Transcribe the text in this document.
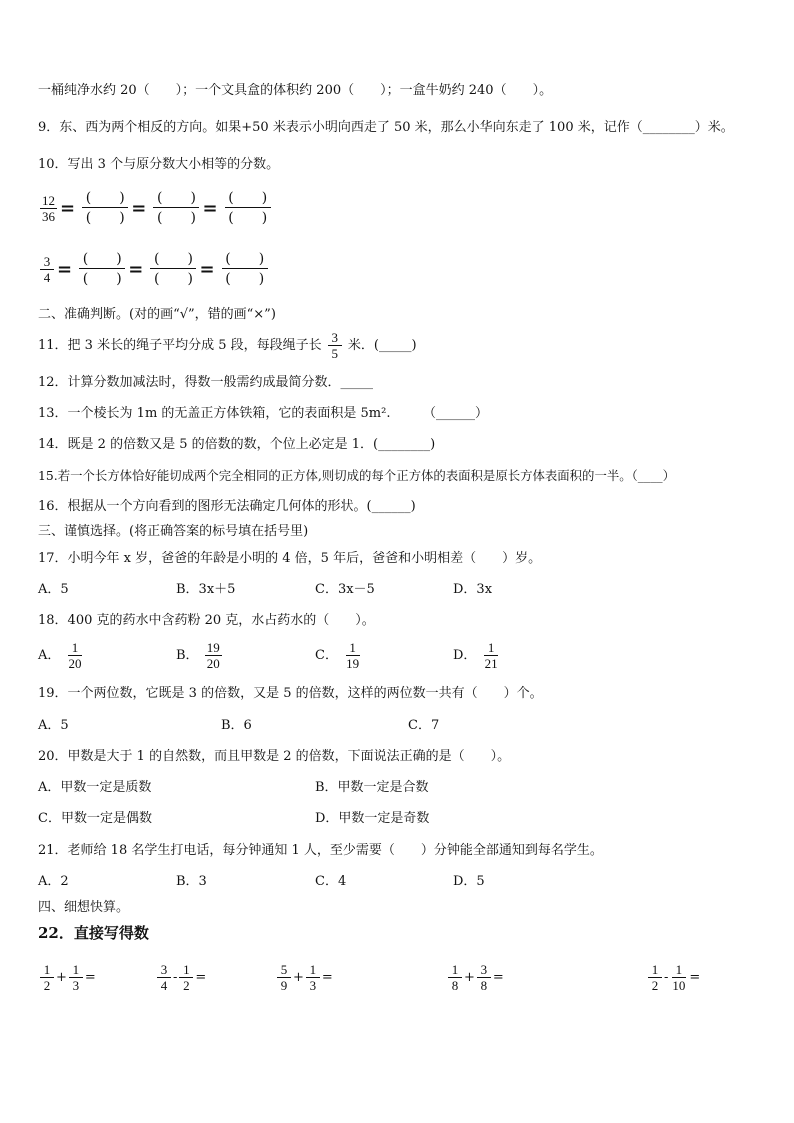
一桶纯净水约 20（　　）；一个文具盒的体积约 200（　　）；一盒牛奶约 240（　　）。
9．东、西为两个相反的方向。如果+50 米表示小明向西走了 50 米，那么小华向东走了 100 米，记作（________）米。
10．写出 3 个与原分数大小相等的分数。
$\frac{12}{36} = \frac{( )}{( )} = \frac{( )}{( )} = \frac{( )}{( )}$
$\frac{3}{4} = \frac{( )}{( )} = \frac{( )}{( )} = \frac{( )}{( )}$
二、准确判断。(对的画“√”，错的画“×”)
11．把 3 米长的绳子平均分成 5 段，每段绳子长 $\frac{3}{5}$ 米．(_____)
12．计算分数加减法时，得数一般需约成最简分数．_____
13．一个棱长为 1m 的无盖正方体铁箱，它的表面积是 5m².　　　（______）
14．既是 2 的倍数又是 5 的倍数的数，个位上必定是 1．(________)
15.若一个长方体恰好能切成两个完全相同的正方体,则切成的每个正方体的表面积是原长方体表面积的一半。（____）
16．根据从一个方向看到的图形无法确定几何体的形状。(______)
三、谨慎选择。(将正确答案的标号填在括号里)
17．小明今年 x 岁，爸爸的年龄是小明的 4 倍，5 年后，爸爸和小明相差（　　）岁。
A．5	B．3x＋5	C．3x－5	D．3x
18．400 克的药水中含药粉 20 克，水占药水的（　　）。
A． $\frac{1}{20}$	B． $\frac{19}{20}$	C． $\frac{1}{19}$	D． $\frac{1}{21}$
19．一个两位数，它既是 3 的倍数，又是 5 的倍数，这样的两位数一共有（　　）个。
A．5	B．6	C．7
20．甲数是大于 1 的自然数，而且甲数是 2 的倍数，下面说法正确的是（　　）。
A．甲数一定是质数	B．甲数一定是合数
C．甲数一定是偶数	D．甲数一定是奇数
21．老师给 18 名学生打电话，每分钟通知 1 人，至少需要（　　）分钟能全部通知到每名学生。
A．2	B．3	C．4	D．5
四、细想快算。
22．直接写得数
$\frac{1}{2} + \frac{1}{3}$ =	$\frac{3}{4} - \frac{1}{2}$ =	$\frac{5}{9} + \frac{1}{3}$ =	$\frac{1}{8} + \frac{3}{8}$ =	$\frac{1}{2} - \frac{1}{10}$ =
